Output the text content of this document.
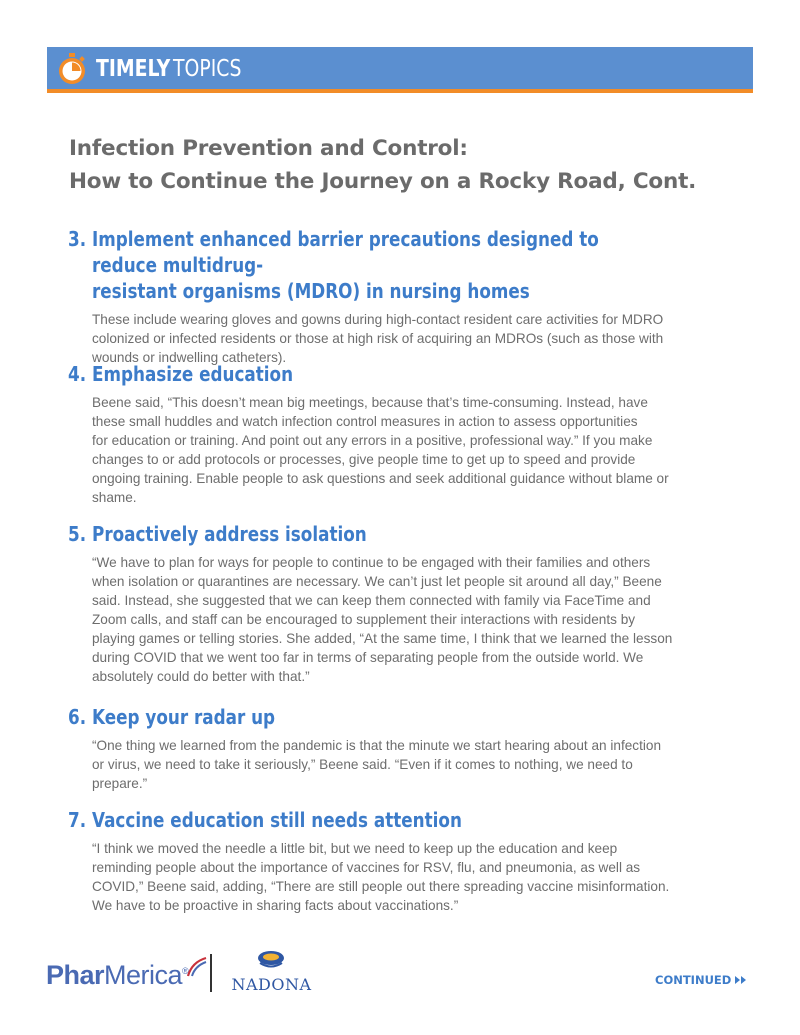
TIMELY TOPICS
Infection Prevention and Control:
How to Continue the Journey on a Rocky Road, Cont.
3. Implement enhanced barrier precautions designed to reduce multidrug-
resistant organisms (MDRO) in nursing homes
These include wearing gloves and gowns during high-contact resident care activities for MDRO
colonized or infected residents or those at high risk of acquiring an MDROs (such as those with
wounds or indwelling catheters).
4. Emphasize education
Beene said, “This doesn’t mean big meetings, because that’s time-consuming. Instead, have
these small huddles and watch infection control measures in action to assess opportunities
for education or training. And point out any errors in a positive, professional way.” If you make
changes to or add protocols or processes, give people time to get up to speed and provide
ongoing training. Enable people to ask questions and seek additional guidance without blame or
shame.
5. Proactively address isolation
“We have to plan for ways for people to continue to be engaged with their families and others
when isolation or quarantines are necessary. We can’t just let people sit around all day,” Beene
said. Instead, she suggested that we can keep them connected with family via FaceTime and
Zoom calls, and staff can be encouraged to supplement their interactions with residents by
playing games or telling stories. She added, “At the same time, I think that we learned the lesson
during COVID that we went too far in terms of separating people from the outside world. We
absolutely could do better with that.”
6. Keep your radar up
“One thing we learned from the pandemic is that the minute we start hearing about an infection
or virus, we need to take it seriously,” Beene said. “Even if it comes to nothing, we need to
prepare.”
7. Vaccine education still needs attention
“I think we moved the needle a little bit, but we need to keep up the education and keep
reminding people about the importance of vaccines for RSV, flu, and pneumonia, as well as
COVID,” Beene said, adding, “There are still people out there spreading vaccine misinformation.
We have to be proactive in sharing facts about vaccinations.”
PharMerica®
NADONA	CONTINUED
